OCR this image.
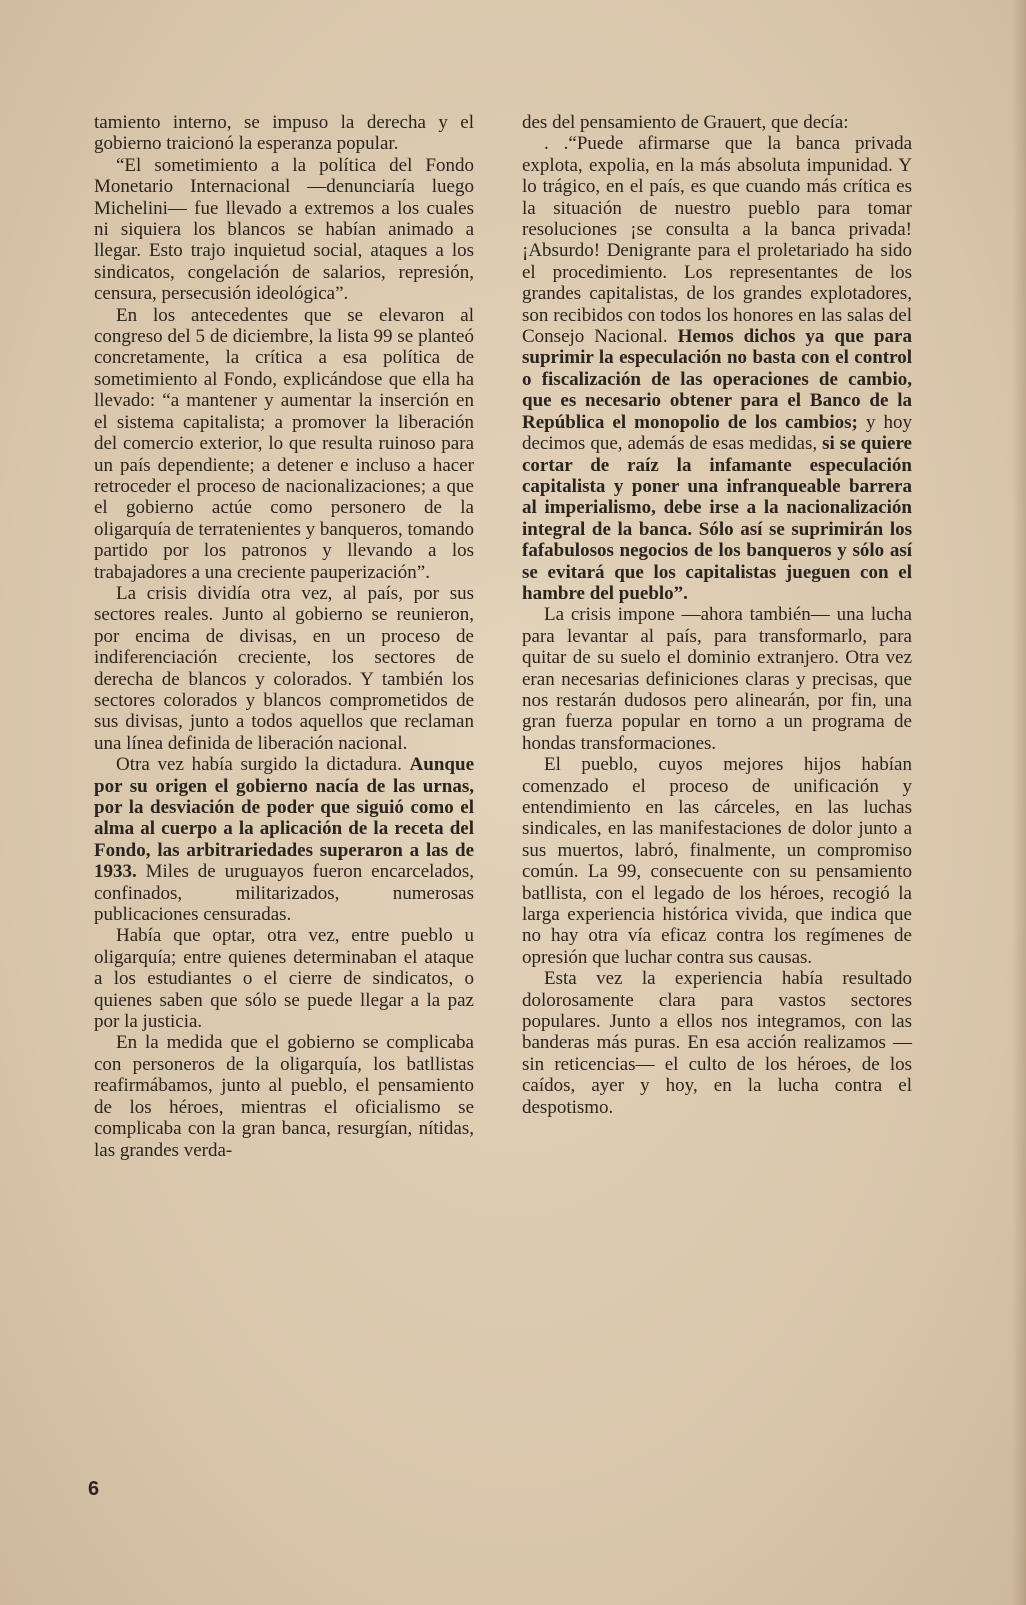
tamiento interno, se impuso la derecha y el gobierno traicionó la esperanza popular.

“El sometimiento a la política del Fondo Monetario Internacional —denunciaría luego Michelini— fue llevado a extremos a los cuales ni siquiera los blancos se habían animado a llegar. Esto trajo inquietud social, ataques a los sindicatos, congelación de salarios, represión, censura, persecusión ideológica”.

En los antecedentes que se elevaron al congreso del 5 de diciembre, la lista 99 se planteó concretamente, la crítica a esa política de sometimiento al Fondo, explicándose que ella ha llevado: “a mantener y aumentar la inserción en el sistema capitalista; a promover la liberación del comercio exterior, lo que resulta ruinoso para un país dependiente; a detener e incluso a hacer retroceder el proceso de nacionalizaciones; a que el gobierno actúe como personero de la oligarquía de terratenientes y banqueros, tomando partido por los patronos y llevando a los trabajadores a una creciente pauperización”.

La crisis dividía otra vez, al país, por sus sectores reales. Junto al gobierno se reunieron, por encima de divisas, en un proceso de indiferenciación creciente, los sectores de derecha de blancos y colorados. Y también los sectores colorados y blancos comprometidos de sus divisas, junto a todos aquellos que reclaman una línea definida de liberación nacional.

Otra vez había surgido la dictadura. Aunque por su origen el gobierno nacía de las urnas, por la desviación de poder que siguió como el alma al cuerpo a la aplicación de la receta del Fondo, las arbitrariedades superaron a las de 1933. Miles de uruguayos fueron encarcelados, confinados, militarizados, numerosas publicaciones censuradas.

Había que optar, otra vez, entre pueblo u oligarquía; entre quienes determinaban el ataque a los estudiantes o el cierre de sindicatos, o quienes saben que sólo se puede llegar a la paz por la justicia.

En la medida que el gobierno se complicaba con personeros de la oligarquía, los batllistas reafirmábamos, junto al pueblo, el pensamiento de los héroes, mientras el oficialismo se complicaba con la gran banca, resurgían, nítidas, las grandes verda-

des del pensamiento de Grauert, que decía:

. .“Puede afirmarse que la banca privada explota, expolia, en la más absoluta impunidad. Y lo trágico, en el país, es que cuando más crítica es la situación de nuestro pueblo para tomar resoluciones ¡se consulta a la banca privada! ¡Absurdo! Denigrante para el proletariado ha sido el procedimiento. Los representantes de los grandes capitalistas, de los grandes explotadores, son recibidos con todos los honores en las salas del Consejo Nacional. Hemos dichos ya que para suprimir la especulación no basta con el control o fiscalización de las operaciones de cambio, que es necesario obtener para el Banco de la República el monopolio de los cambios; y hoy decimos que, además de esas medidas, si se quiere cortar de raíz la infamante especulación capitalista y poner una infranqueable barrera al imperialismo, debe irse a la nacionalización integral de la banca. Sólo así se suprimirán los fafabulosos negocios de los banqueros y sólo así se evitará que los capitalistas jueguen con el hambre del pueblo”.

La crisis impone —ahora también— una lucha para levantar al país, para transformarlo, para quitar de su suelo el dominio extranjero. Otra vez eran necesarias definiciones claras y precisas, que nos restarán dudosos pero alinearán, por fin, una gran fuerza popular en torno a un programa de hondas transformaciones.

El pueblo, cuyos mejores hijos habían comenzado el proceso de unificación y entendimiento en las cárceles, en las luchas sindicales, en las manifestaciones de dolor junto a sus muertos, labró, finalmente, un compromiso común. La 99, consecuente con su pensamiento batllista, con el legado de los héroes, recogió la larga experiencia histórica vivida, que indica que no hay otra vía eficaz contra los regímenes de opresión que luchar contra sus causas.

Esta vez la experiencia había resultado dolorosamente clara para vastos sectores populares. Junto a ellos nos integramos, con las banderas más puras. En esa acción realizamos —sin reticencias— el culto de los héroes, de los caídos, ayer y hoy, en la lucha contra el despotismo.

6
